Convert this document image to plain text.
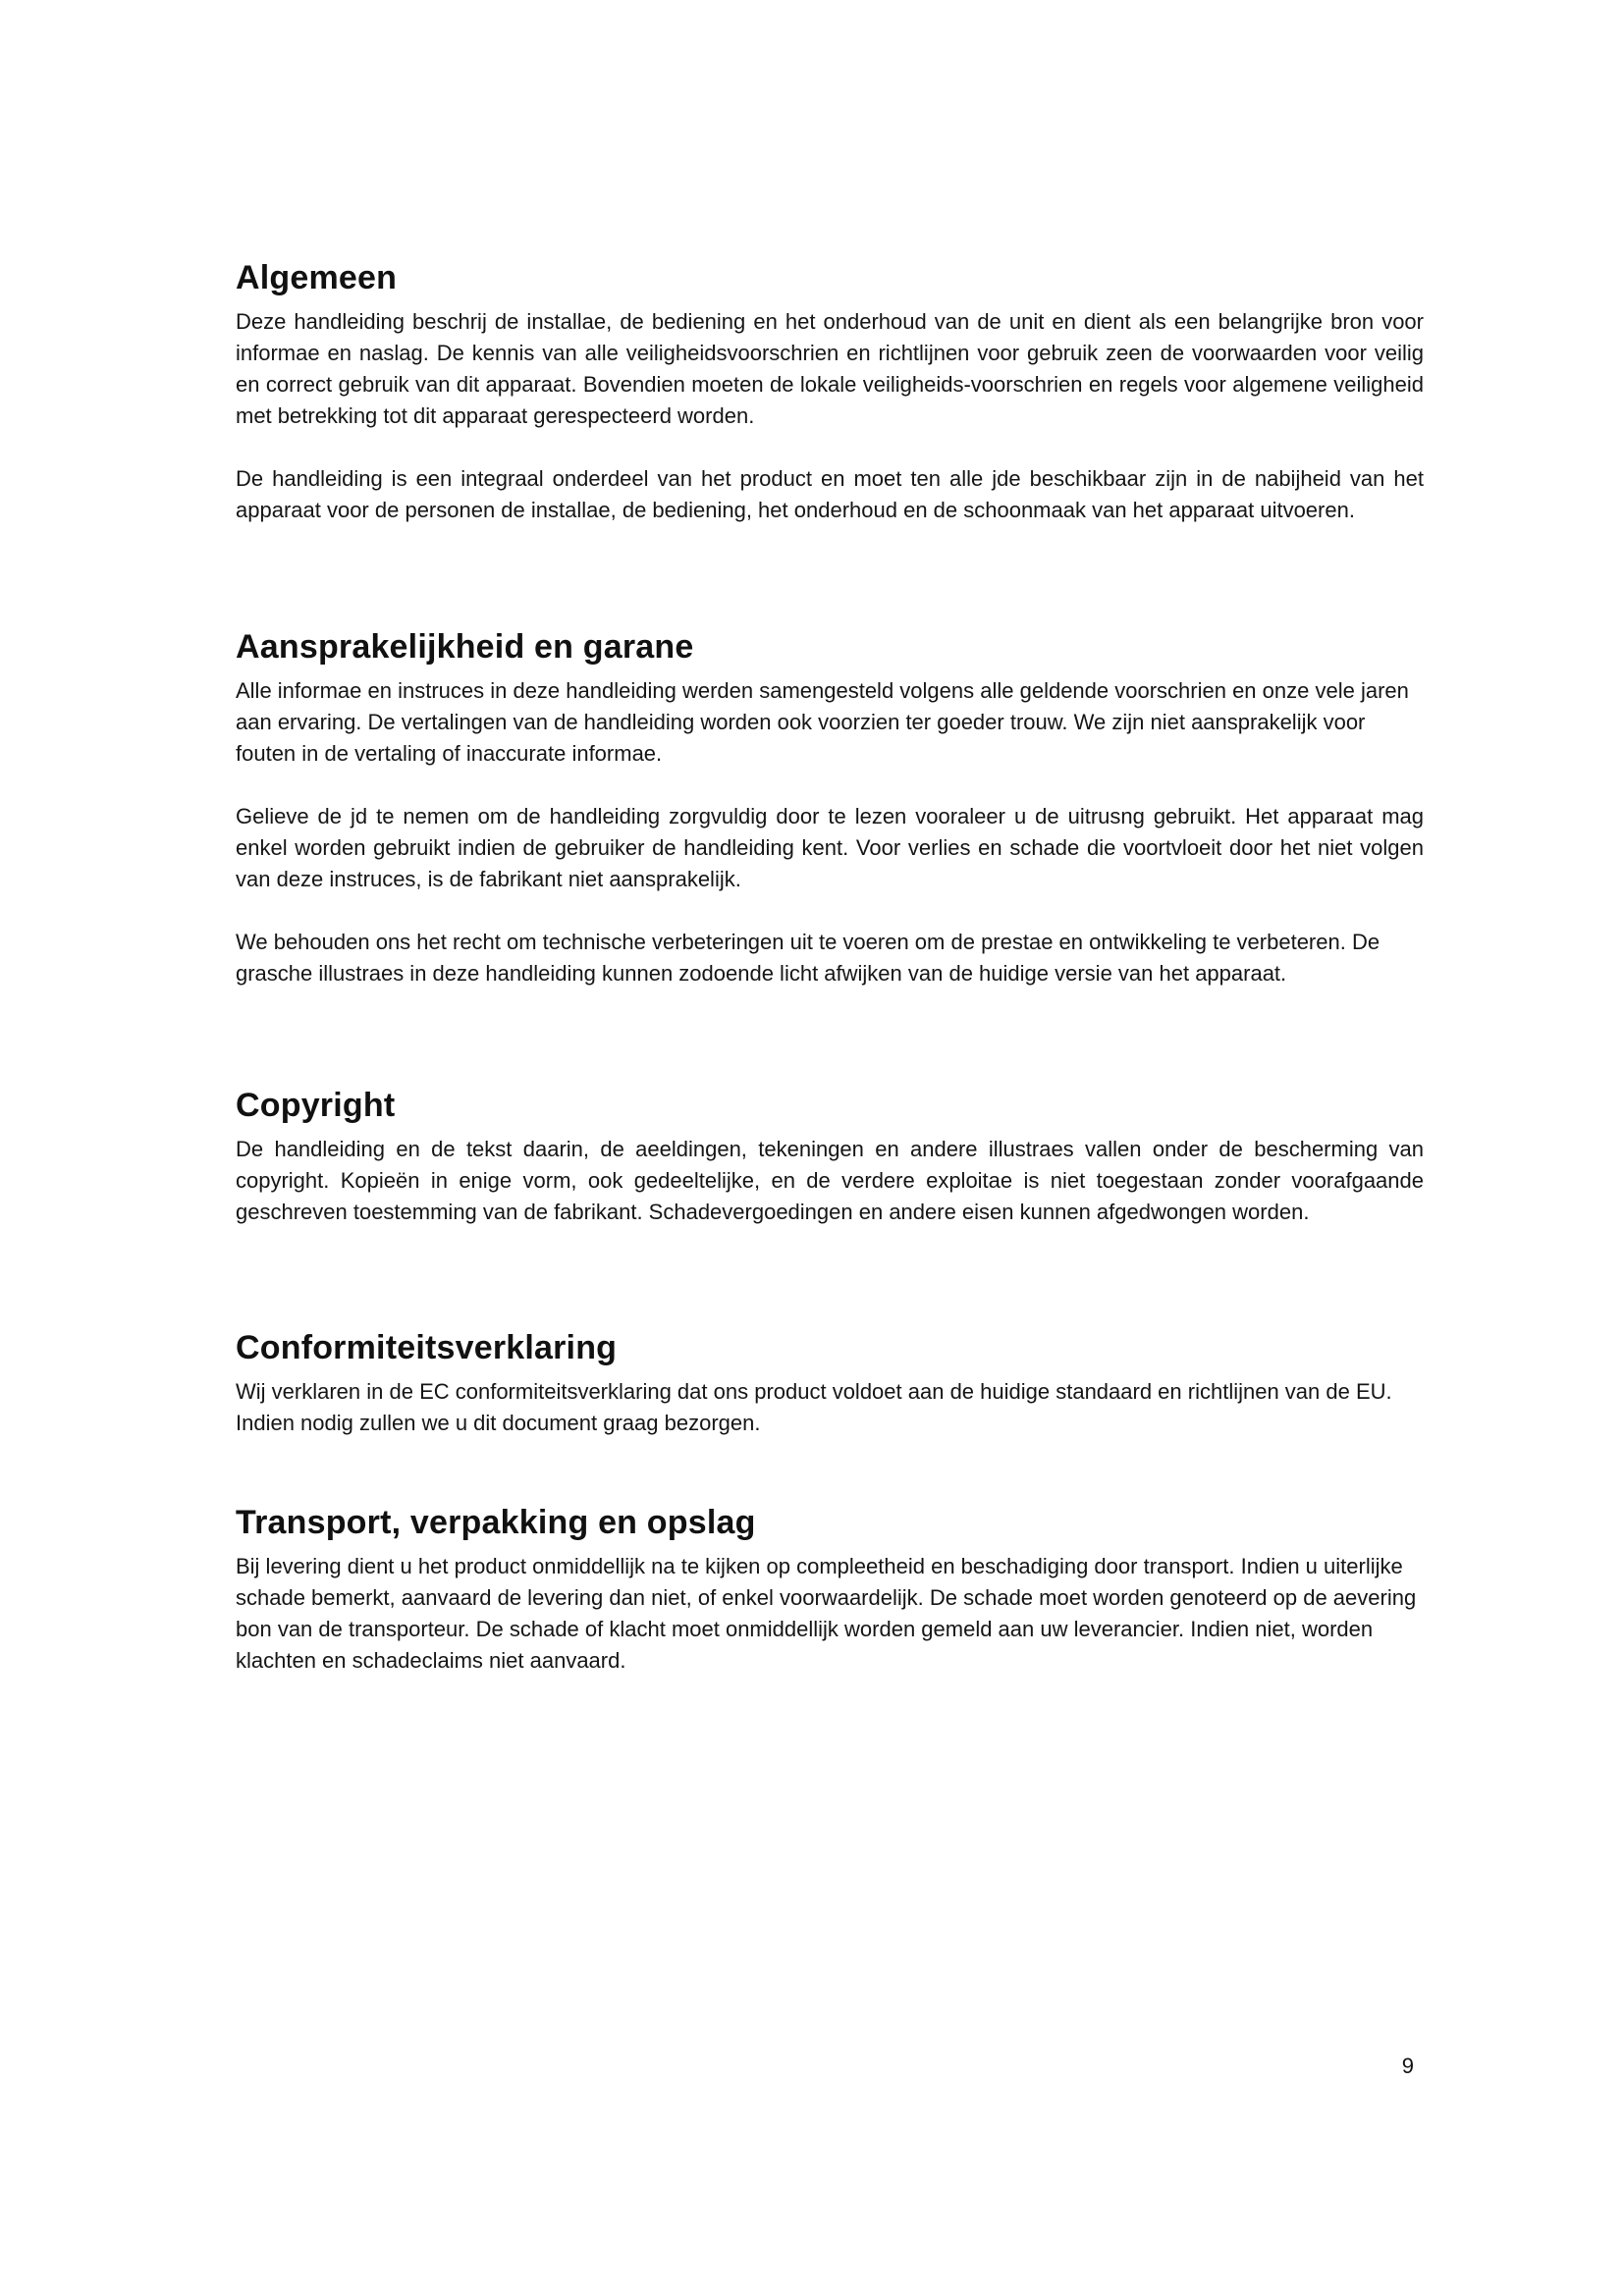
Algemeen

Deze handleiding beschrij de installae, de bediening en het onderhoud van de unit en dient als een belangrijke bron voor informae en naslag. De kennis van alle veiligheidsvoorschrien en richtlijnen voor gebruik zeen de voorwaarden voor veilig en correct gebruik van dit apparaat. Bovendien moeten de lokale veiligheids-voorschrien en regels voor algemene veiligheid met betrekking tot dit apparaat gerespecteerd worden.

De handleiding is een integraal onderdeel van het product en moet ten alle jde beschikbaar zijn in de nabijheid van het apparaat voor de personen de installae, de bediening, het onderhoud en de schoonmaak van het apparaat uitvoeren.

Aansprakelijkheid en garane

Alle informae en instruces in deze handleiding werden samengesteld volgens alle geldende voorschrien en onze vele jaren aan ervaring. De vertalingen van de handleiding worden ook voorzien ter goeder trouw. We zijn niet aansprakelijk voor fouten in de vertaling of inaccurate informae.

Gelieve de jd te nemen om de handleiding zorgvuldig door te lezen vooraleer u de uitrusng gebruikt. Het apparaat mag enkel worden gebruikt indien de gebruiker de handleiding kent. Voor verlies en schade die voortvloeit door het niet volgen van deze instruces, is de fabrikant niet aansprakelijk.

We behouden ons het recht om technische verbeteringen uit te voeren om de prestae en ontwikkeling te verbeteren. De grasche illustraes in deze handleiding kunnen zodoende licht afwijken van de huidige versie van het apparaat.

Copyright

De handleiding en de tekst daarin, de aeeldingen, tekeningen en andere illustraes vallen onder de bescherming van copyright. Kopieën in enige vorm, ook gedeeltelijke, en de verdere exploitae is niet toegestaan zonder voorafgaande geschreven toestemming van de fabrikant. Schadevergoedingen en andere eisen kunnen afgedwongen worden.

Conformiteitsverklaring

Wij verklaren in de EC conformiteitsverklaring dat ons product voldoet aan de huidige standaard en richtlijnen van de EU. Indien nodig zullen we u dit document graag bezorgen.

Transport, verpakking en opslag

Bij levering dient u het product onmiddellijk na te kijken op compleetheid en beschadiging door transport. Indien u uiterlijke schade bemerkt, aanvaard de levering dan niet, of enkel voorwaardelijk. De schade moet worden genoteerd op de aevering bon van de transporteur. De schade of klacht moet onmiddellijk worden gemeld aan uw leverancier. Indien niet, worden klachten en schadeclaims niet aanvaard.

9
